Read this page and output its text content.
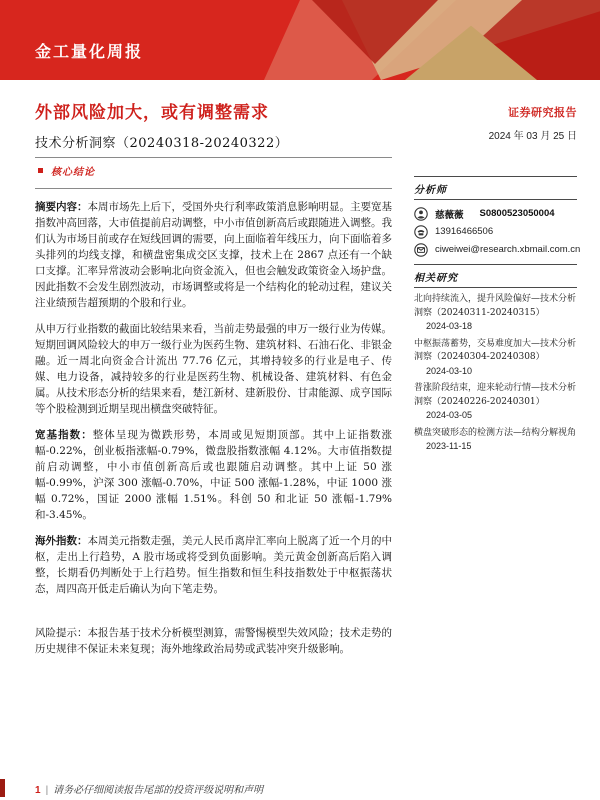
金工量化周报
外部风险加大，或有调整需求
技术分析洞察（20240318-20240322）
核心结论

摘要内容：本周市场先上后下，受国外央行利率政策消息影响明显。主要宽基指数冲高回落，大市值提前启动调整，中小市值创新高后或跟随进入调整。我们认为市场目前或存在短线回调的需要，向上面临着年线压力，向下面临着多头排列的均线支撑，和横盘密集成交区支撑，技术上在 2867 点还有一个缺口支撑。汇率异常波动会影响北向资金流入，但也会触发政策资金入场护盘。因此指数不会发生剧烈波动，市场调整或将是一个结构化的轮动过程，建议关注业绩预告超预期的个股和行业。

从申万行业指数的截面比较结果来看，当前走势最强的申万一级行业为传媒。短期回调风险较大的申万一级行业为医药生物、建筑材料、石油石化、非银金融。近一周北向资金合计流出 77.76 亿元，其增持较多的行业是电子、传媒、电力设备，减持较多的行业是医药生物、机械设备、建筑材料、有色金属。从技术形态分析的结果来看，楚江新材、建新股份、甘肃能源、成亨国际等个股检测到近期呈现出横盘突破特征。

宽基指数：整体呈现为微跌形势，本周或见短期顶部。其中上证指数涨幅-0.22%，创业板指涨幅-0.79%，微盘股指数涨幅 4.12%。大市值指数提前启动调整，中小市值创新高后或也跟随启动调整。其中上证 50 涨幅-0.99%，沪深 300 涨幅-0.70%，中证 500 涨幅-1.28%，中证 1000 涨幅 0.72%，国证 2000 涨幅 1.51%。科创 50 和北证 50 涨幅-1.79%和-3.45%。

海外指数：本周美元指数走强，美元人民币离岸汇率向上脱离了近一个月的中枢，走出上行趋势，A 股市场或将受到负面影响。美元黄金创新高后陷入调整，长期看仍判断处于上行趋势。恒生指数和恒生科技指数处于中枢振荡状态，周四高开低走后确认为向下笔走势。

风险提示：本报告基于技术分析模型测算，需警惕模型失效风险；技术走势的历史规律不保证未来复现；海外地缘政治局势或武装冲突升级影响。

证券研究报告
2024 年 03 月 25 日
分析师
慈薇薇 S0800523050004
13916466506
ciweiwei@research.xbmail.com.cn
相关研究
北向持续流入，提升风险偏好—技术分析洞察（20240311-20240315）2024-03-18
中枢振荡蓄势，交易难度加大—技术分析洞察（20240304-20240308）2024-03-10
普涨阶段结束，迎来轮动行情—技术分析洞察（20240226-20240301）2024-03-05
横盘突破形态的检测方法—结构分解视角2023-11-15
1 | 请务必仔细阅读报告尾部的投资评级说明和声明
